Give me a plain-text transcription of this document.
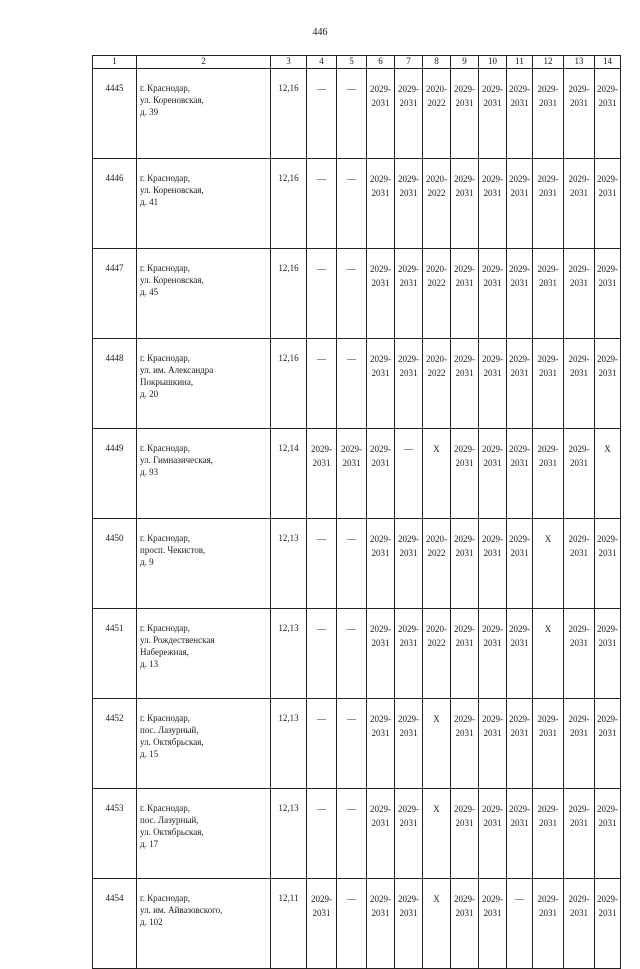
446
1	2	3	4	5	6	7	8	9	10	11	12	13	14
4445	г. Краснодар,
ул. Кореновская,
д. 39	12,16	—	—	2029-2031	2029-2031	2020-2022	2029-2031	2029-2031	2029-2031	2029-2031	2029-2031	2029-2031
4446	г. Краснодар,
ул. Кореновская,
д. 41	12,16	—	—	2029-2031	2029-2031	2020-2022	2029-2031	2029-2031	2029-2031	2029-2031	2029-2031	2029-2031
4447	г. Краснодар,
ул. Кореновская,
д. 45	12,16	—	—	2029-2031	2029-2031	2020-2022	2029-2031	2029-2031	2029-2031	2029-2031	2029-2031	2029-2031
4448	г. Краснодар,
ул. им. Александра
Покрышкина,
д. 20	12,16	—	—	2029-2031	2029-2031	2020-2022	2029-2031	2029-2031	2029-2031	2029-2031	2029-2031	2029-2031
4449	г. Краснодар,
ул. Гимназическая,
д. 93	12,14	2029-2031	2029-2031	2029-2031	—	X	2029-2031	2029-2031	2029-2031	2029-2031	2029-2031	X
4450	г. Краснодар,
просп. Чекистов,
д. 9	12,13	—	—	2029-2031	2029-2031	2020-2022	2029-2031	2029-2031	2029-2031	X	2029-2031	2029-2031
4451	г. Краснодар,
ул. Рождественская
Набережная,
д. 13	12,13	—	—	2029-2031	2029-2031	2020-2022	2029-2031	2029-2031	2029-2031	X	2029-2031	2029-2031
4452	г. Краснодар,
пос. Лазурный,
ул. Октябрьская,
д. 15	12,13	—	—	2029-2031	2029-2031	X	2029-2031	2029-2031	2029-2031	2029-2031	2029-2031	2029-2031
4453	г. Краснодар,
пос. Лазурный,
ул. Октябрьская,
д. 17	12,13	—	—	2029-2031	2029-2031	X	2029-2031	2029-2031	2029-2031	2029-2031	2029-2031	2029-2031
4454	г. Краснодар,
ул. им. Айвазовского,
д. 102	12,11	2029-2031	—	2029-2031	2029-2031	X	2029-2031	2029-2031	—	2029-2031	2029-2031	2029-2031
